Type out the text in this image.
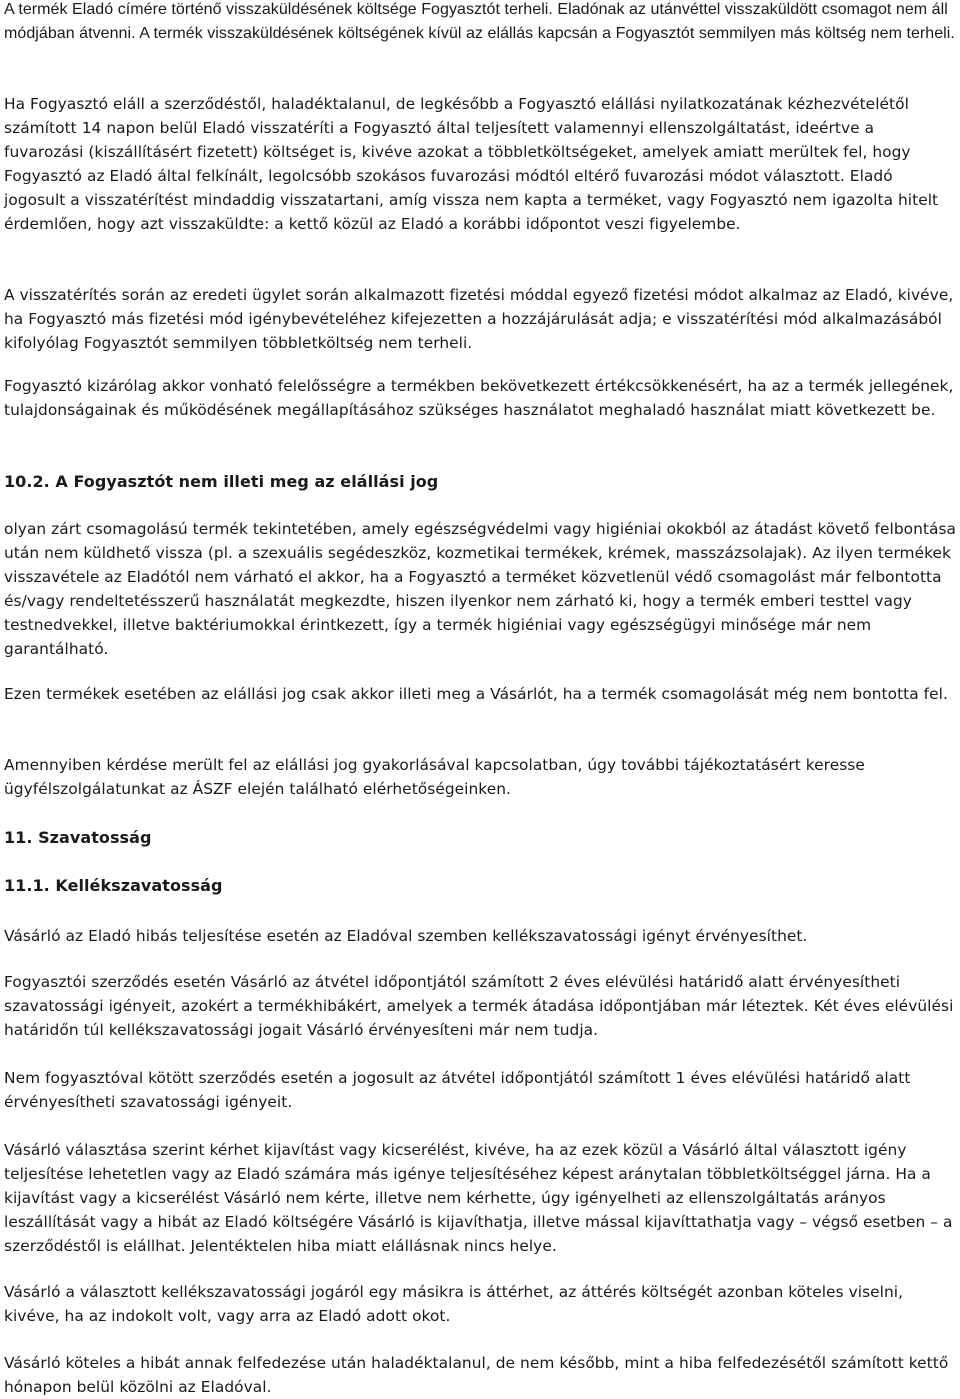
A termék Eladó címére történő visszaküldésének költsége Fogyasztót terheli. Eladónak az utánvéttel visszaküldött csomagot nem áll módjában átvenni. A termék visszaküldésének költségének kívül az elállás kapcsán a Fogyasztót semmilyen más költség nem terheli.

Ha Fogyasztó eláll a szerződéstől, haladéktalanul, de legkésőbb a Fogyasztó elállási nyilatkozatának kézhezvételétől számított 14 napon belül Eladó visszatéríti a Fogyasztó által teljesített valamennyi ellenszolgáltatást, ideértve a fuvarozási (kiszállításért fizetett) költséget is, kivéve azokat a többletköltségeket, amelyek amiatt merültek fel, hogy Fogyasztó az Eladó által felkínált, legolcsóbb szokásos fuvarozási módtól eltérő fuvarozási módot választott. Eladó jogosult a visszatérítést mindaddig visszatartani, amíg vissza nem kapta a terméket, vagy Fogyasztó nem igazolta hitelt érdemlően, hogy azt visszaküldte: a kettő közül az Eladó a korábbi időpontot veszi figyelembe.

A visszatérítés során az eredeti ügylet során alkalmazott fizetési móddal egyező fizetési módot alkalmaz az Eladó, kivéve, ha Fogyasztó más fizetési mód igénybevételéhez kifejezetten a hozzájárulását adja; e visszatérítési mód alkalmazásából kifolyólag Fogyasztót semmilyen többletköltség nem terheli.

Fogyasztó kizárólag akkor vonható felelősségre a termékben bekövetkezett értékcsökkenésért, ha az a termék jellegének, tulajdonságainak és működésének megállapításához szükséges használatot meghaladó használat miatt következett be.

10.2. A Fogyasztót nem illeti meg az elállási jog

olyan zárt csomagolású termék tekintetében, amely egészségvédelmi vagy higiéniai okokból az átadást követő felbontása után nem küldhető vissza (pl. a szexuális segédeszköz, kozmetikai termékek, krémek, masszázsolajak). Az ilyen termékek visszavétele az Eladótól nem várható el akkor, ha a Fogyasztó a terméket közvetlenül védő csomagolást már felbontotta és/vagy rendeltetésszerű használatát megkezdte, hiszen ilyenkor nem zárható ki, hogy a termék emberi testtel vagy testnedvekkel, illetve baktériumokkal érintkezett, így a termék higiéniai vagy egészségügyi minősége már nem garantálható.

Ezen termékek esetében az elállási jog csak akkor illeti meg a Vásárlót, ha a termék csomagolását még nem bontotta fel.

Amennyiben kérdése merült fel az elállási jog gyakorlásával kapcsolatban, úgy további tájékoztatásért keresse ügyfélszolgálatunkat az ÁSZF elején található elérhetőségeinken.

11. Szavatosság

11.1. Kellékszavatosság

Vásárló az Eladó hibás teljesítése esetén az Eladóval szemben kellékszavatossági igényt érvényesíthet.

Fogyasztói szerződés esetén Vásárló az átvétel időpontjától számított 2 éves elévülési határidő alatt érvényesítheti szavatossági igényeit, azokért a termékhibákért, amelyek a termék átadása időpontjában már léteztek. Két éves elévülési határidőn túl kellékszavatossági jogait Vásárló érvényesíteni már nem tudja.

Nem fogyasztóval kötött szerződés esetén a jogosult az átvétel időpontjától számított 1 éves elévülési határidő alatt érvényesítheti szavatossági igényeit.

Vásárló választása szerint kérhet kijavítást vagy kicserélést, kivéve, ha az ezek közül a Vásárló által választott igény teljesítése lehetetlen vagy az Eladó számára más igénye teljesítéséhez képest aránytalan többletköltséggel járna. Ha a kijavítást vagy a kicserélést Vásárló nem kérte, illetve nem kérhette, úgy igényelheti az ellenszolgáltatás arányos leszállítását vagy a hibát az Eladó költségére Vásárló is kijavíthatja, illetve mással kijavíttathatja vagy – végső esetben – a szerződéstől is elállhat. Jelentéktelen hiba miatt elállásnak nincs helye.

Vásárló a választott kellékszavatossági jogáról egy másikra is áttérhet, az áttérés költségét azonban köteles viselni, kivéve, ha az indokolt volt, vagy arra az Eladó adott okot.

Vásárló köteles a hibát annak felfedezése után haladéktalanul, de nem később, mint a hiba felfedezésétől számított kettő hónapon belül közölni az Eladóval.
